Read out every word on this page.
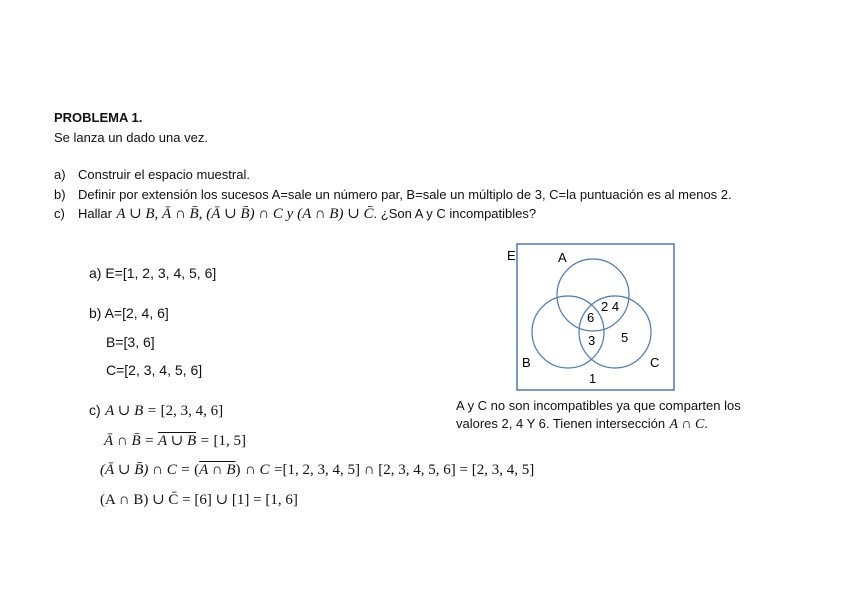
PROBLEMA 1.
Se lanza un dado una vez.
a) Construir el espacio muestral.
b) Definir por extensión los sucesos A=sale un número par, B=sale un múltiplo de 3, C=la puntuación es al menos 2.
c) Hallar A ∪ B, Ā ∩ B̄, (Ā ∪ B̄) ∩ C y (A ∩ B) ∪ C̄. ¿Son A y C incompatibles?
a) E=[1, 2, 3, 4, 5, 6]
b) A=[2, 4, 6]
B=[3, 6]
C=[2, 3, 4, 5, 6]
c) A ∪ B = [2, 3, 4, 6]
Ā ∩ B̄ = A ∪ B = [1, 5]
(Ā ∪ B̄) ∩ C = (A ∩ B) ∩ C =[1, 2, 3, 4, 5] ∩ [2, 3, 4, 5, 6] = [2, 3, 4, 5]
(A ∩ B) ∪ C̄ = [6] ∪ [1] = [1, 6]
E	A
B	C
2 4
6
3 5
1
A y C no son incompatibles ya que comparten los
valores 2, 4 Y 6. Tienen intersección A ∩ C.
